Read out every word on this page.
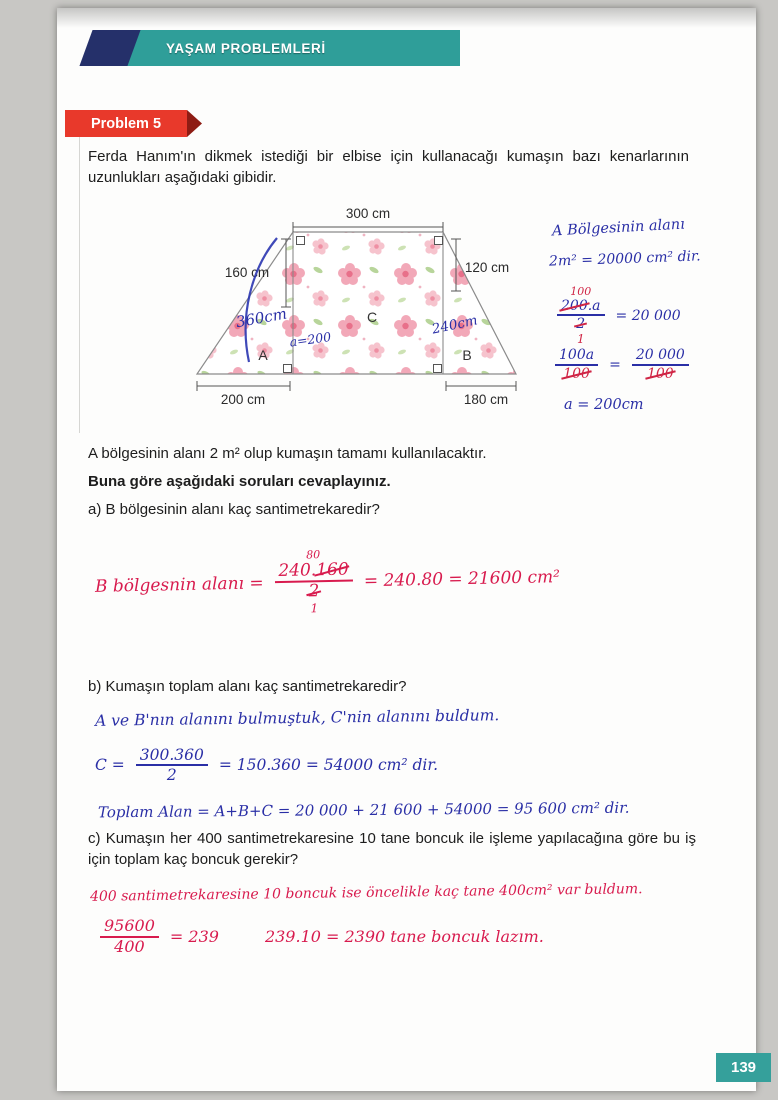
YAŞAM PROBLEMLERİ
Problem 5
Ferda Hanım'ın dikmek istediği bir elbise için kullanacağı kumaşın bazı kenarlarının uzunlukları aşağıdaki gibidir.
300 cm
160 cm	120 cm
200 cm	180 cm
A	B
C
360cm
a=200
240cm
A Bölgesinin alanı
2m² = 20000 cm² dir.
100
200.a
2
1
= 20 000
$\frac{100a}{100} = \frac{20 000}{100}$
a = 200cm
A bölgesinin alanı 2 m² olup kumaşın tamamı kullanılacaktır.
Buna göre aşağıdaki soruları cevaplayınız.
a) B bölgesinin alanı kaç santimetrekaredir?
B bölgesnin alanı =
80
240.160
2
1
= 240.80 = 21600 cm²
b) Kumaşın toplam alanı kaç santimetrekaredir?
A ve B'nın alanını bulmuştuk, C'nin alanını buldum.
$C = \frac{300.360}{2} = 150.360 = 54000$ cm² dir.
Toplam Alan = A+B+C = 20 000 + 21 600 + 54000 = 95 600 cm² dir.
c) Kumaşın her 400 santimetrekaresine 10 tane boncuk ile işleme yapılacağına göre bu iş için toplam kaç boncuk gerekir?
400 santimetrekaresine 10 boncuk ise öncelikle kaç tane 400cm² var buldum.
$\frac{95600}{400} = 239$	239.10 = 2390 tane boncuk lazım.
139
